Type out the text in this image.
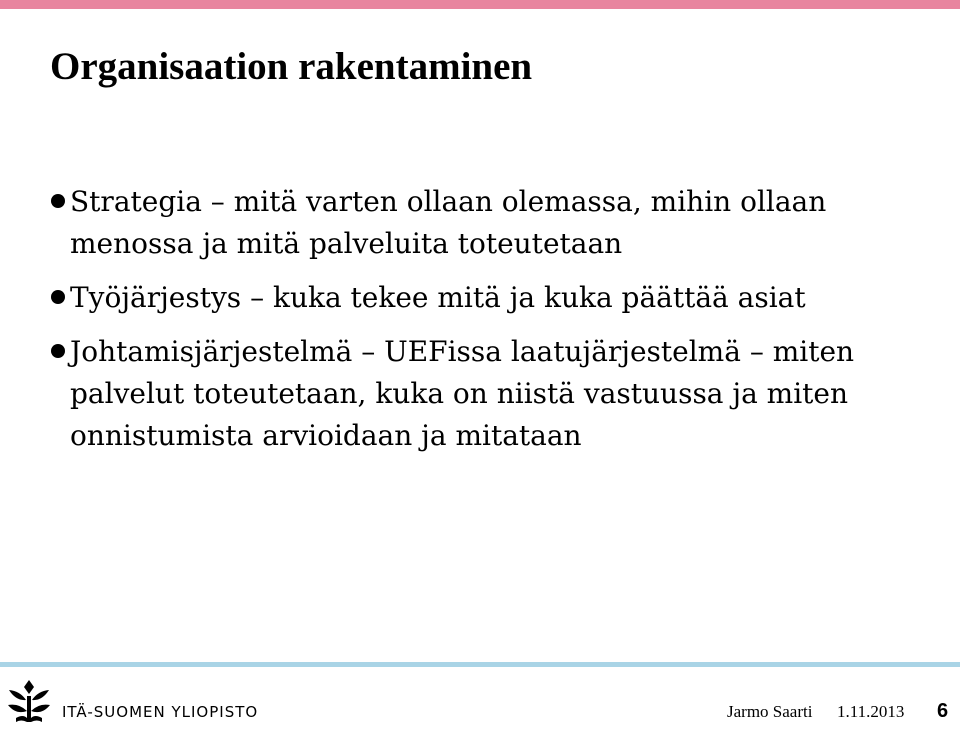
Organisaation rakentaminen
Strategia – mitä varten ollaan olemassa, mihin ollaan menossa ja mitä palveluita toteutetaan
Työjärjestys – kuka tekee mitä ja kuka päättää asiat
Johtamisjärjestelmä – UEFissa laatujärjestelmä – miten palvelut toteutetaan, kuka on niistä vastuussa ja miten onnistumista arvioidaan ja mitataan
ITÄ-SUOMEN YLIOPISTO	Jarmo Saarti 1.11.2013 6
